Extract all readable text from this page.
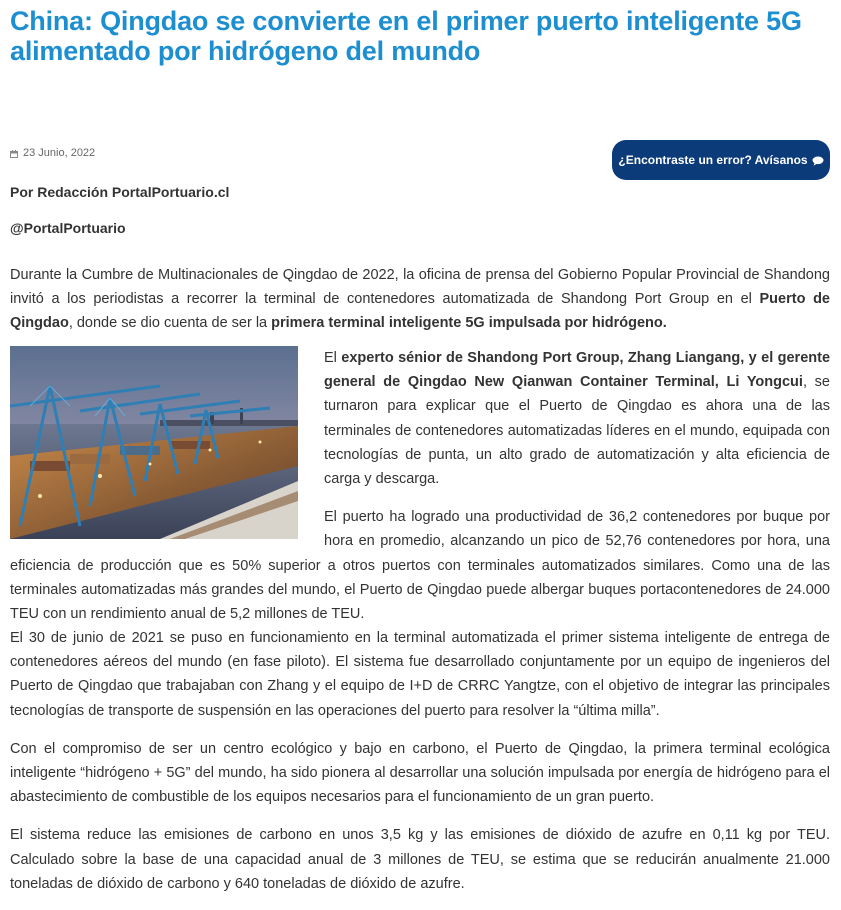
China: Qingdao se convierte en el primer puerto inteligente 5G alimentado por hidrógeno del mundo
23 Junio, 2022	¿Encontraste un error? Avísanos
Por Redacción PortalPortuario.cl
@PortalPortuario

Durante la Cumbre de Multinacionales de Qingdao de 2022, la oficina de prensa del Gobierno Popular Provincial de Shandong invitó a los periodistas a recorrer la terminal de contenedores automatizada de Shandong Port Group en el Puerto de Qingdao, donde se dio cuenta de ser la primera terminal inteligente 5G impulsada por hidrógeno.

El experto sénior de Shandong Port Group, Zhang Liangang, y el gerente general de Qingdao New Qianwan Container Terminal, Li Yongcui, se turnaron para explicar que el Puerto de Qingdao es ahora una de las terminales de contenedores automatizadas líderes en el mundo, equipada con tecnologías de punta, un alto grado de automatización y alta eficiencia de carga y descarga.

El puerto ha logrado una productividad de 36,2 contenedores por buque por hora en promedio, alcanzando un pico de 52,76 contenedores por hora, una eficiencia de producción que es 50% superior a otros puertos con terminales automatizados similares. Como una de las terminales automatizadas más grandes del mundo, el Puerto de Qingdao puede albergar buques portacontenedores de 24.000 TEU con un rendimiento anual de 5,2 millones de TEU.

El 30 de junio de 2021 se puso en funcionamiento en la terminal automatizada el primer sistema inteligente de entrega de contenedores aéreos del mundo (en fase piloto). El sistema fue desarrollado conjuntamente por un equipo de ingenieros del Puerto de Qingdao que trabajaban con Zhang y el equipo de I+D de CRRC Yangtze, con el objetivo de integrar las principales tecnologías de transporte de suspensión en las operaciones del puerto para resolver la “última milla”.

Con el compromiso de ser un centro ecológico y bajo en carbono, el Puerto de Qingdao, la primera terminal ecológica inteligente “hidrógeno + 5G” del mundo, ha sido pionera al desarrollar una solución impulsada por energía de hidrógeno para el abastecimiento de combustible de los equipos necesarios para el funcionamiento de un gran puerto.

El sistema reduce las emisiones de carbono en unos 3,5 kg y las emisiones de dióxido de azufre en 0,11 kg por TEU. Calculado sobre la base de una capacidad anual de 3 millones de TEU, se estima que se reducirán anualmente 21.000 toneladas de dióxido de carbono y 640 toneladas de dióxido de azufre.
